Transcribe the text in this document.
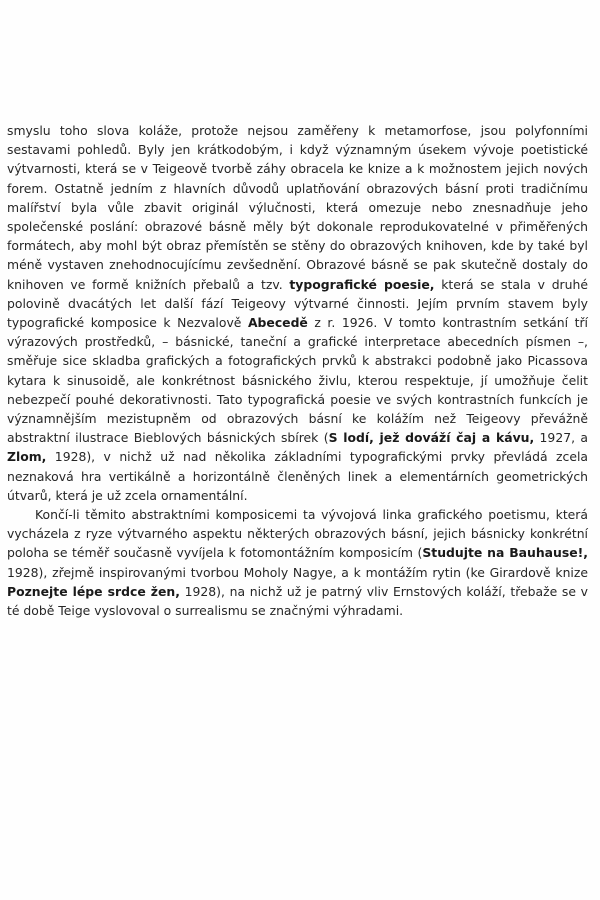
smyslu toho slova koláže, protože nejsou zaměřeny k metamorfose, jsou polyfonními sestavami pohledů. Byly jen krátkodobým, i když významným úsekem vývoje poetistické výtvarnosti, která se v Teigeově tvorbě záhy obracela ke knize a k možnostem jejich nových forem. Ostatně jedním z hlavních důvodů uplatňování obrazových básní proti tradičnímu malířství byla vůle zbavit originál výlučnosti, která omezuje nebo znesnadňuje jeho společenské poslání: obrazové básně měly být dokonale reprodukovatelné v přiměřených formátech, aby mohl být obraz přemístěn se stěny do obrazových knihoven, kde by také byl méně vystaven znehodnocujícímu zevšednění. Obrazové básně se pak skutečně dostaly do knihoven ve formě knižních přebalů a tzv. typografické poesie, která se stala v druhé polovině dvacátých let další fází Teigeovy výtvarné činnosti. Jejím prvním stavem byly typografické komposice k Nezvalově Abecedě z r. 1926. V tomto kontrastním setkání tří výrazových prostředků, – básnické, taneční a grafické interpretace abecedních písmen –, směřuje sice skladba grafických a fotografických prvků k abstrakci podobně jako Picassova kytara k sinusoidě, ale konkrétnost básnického živlu, kterou respektuje, jí umožňuje čelit nebezpečí pouhé dekorativnosti. Tato typografická poesie ve svých kontrastních funkcích je významnějším mezistupněm od obrazových básní ke kolážím než Teigeovy převážně abstraktní ilustrace Bieblových básnických sbírek (S lodí, jež dováží čaj a kávu, 1927, a Zlom, 1928), v nichž už nad několika základními typografickými prvky převládá zcela neznaková hra vertikálně a horizontálně členěných linek a elementárních geometrických útvarů, která je už zcela ornamentální.

Končí-li těmito abstraktními komposicemi ta vývojová linka grafického poetismu, která vycházela z ryze výtvarného aspektu některých obrazových básní, jejich básnicky konkrétní poloha se téměř současně vyvíjela k fotomontážním komposicím (Studujte na Bauhause!, 1928), zřejmě inspirovanými tvorbou Moholy Nagye, a k montážím rytin (ke Girardově knize Poznejte lépe srdce žen, 1928), na nichž už je patrný vliv Ernstových koláží, třebaže se v té době Teige vyslovoval o surrealismu se značnými výhradami.
